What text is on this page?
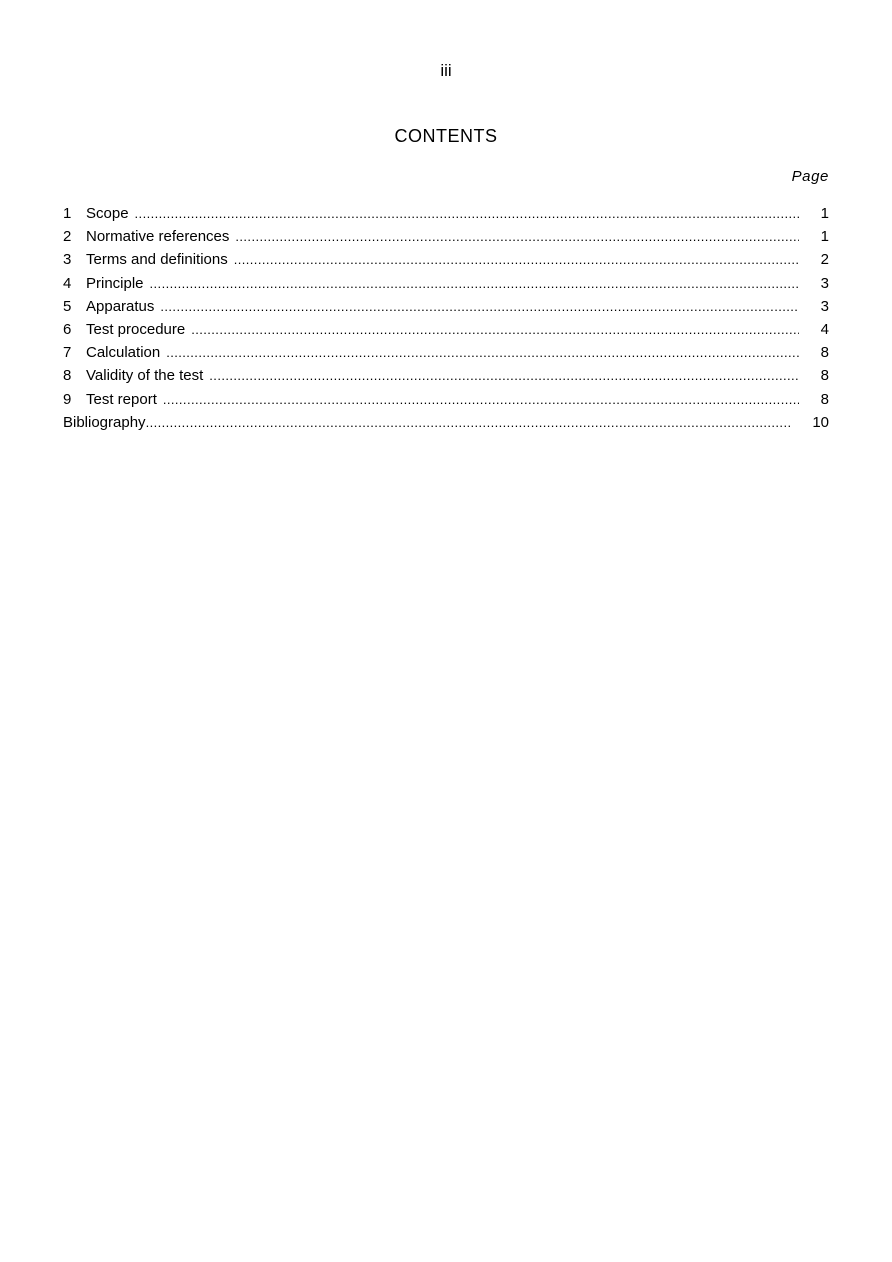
iii
CONTENTS
Page
1 Scope .....	1
2 Normative references .....	1
3 Terms and definitions .....	2
4 Principle .....	3
5 Apparatus .....	3
6 Test procedure .....	4
7 Calculation .....	8
8 Validity of the test .....	8
9 Test report .....	8
Bibliography .....	10
